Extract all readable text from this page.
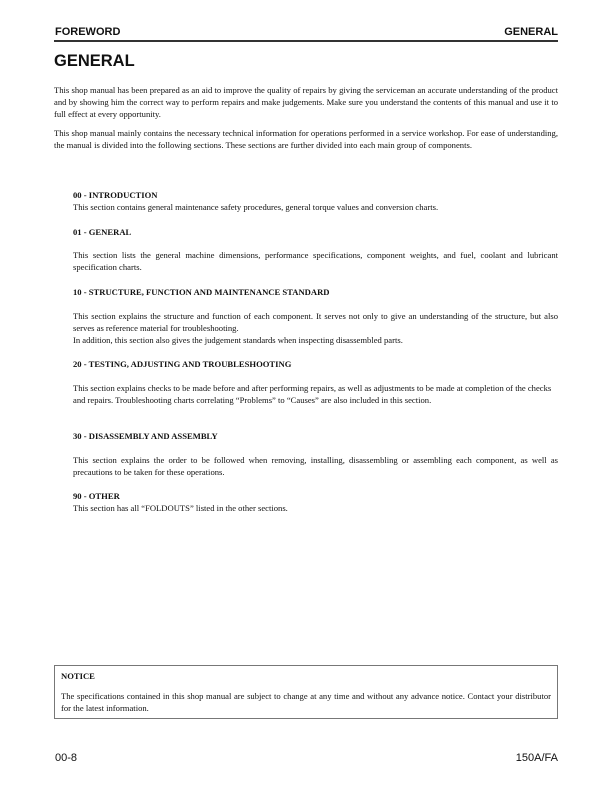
FOREWORD	GENERAL
GENERAL
This shop manual has been prepared as an aid to improve the quality of repairs by giving the serviceman an accurate understanding of the product and by showing him the correct way to perform repairs and make judgements. Make sure you understand the contents of this manual and use it to full effect at every opportunity.
This shop manual mainly contains the necessary technical information for operations performed in a service workshop. For ease of understanding, the manual is divided into the following sections. These sections are further divided into each main group of components.
00 - INTRODUCTION
This section contains general maintenance safety procedures, general torque values and conversion charts.
01 - GENERAL
This section lists the general machine dimensions, performance specifications, component weights, and fuel, coolant and lubricant specification charts.
10 - STRUCTURE, FUNCTION AND MAINTENANCE STANDARD
This section explains the structure and function of each component. It serves not only to give an understanding of the structure, but also serves as reference material for troubleshooting.
In addition, this section also gives the judgement standards when inspecting disassembled parts.
20 - TESTING, ADJUSTING AND TROUBLESHOOTING
This section explains checks to be made before and after performing repairs, as well as adjustments to be made at completion of the checks and repairs. Troubleshooting charts correlating “Problems” to “Causes” are also included in this section.
30 - DISASSEMBLY AND ASSEMBLY
This section explains the order to be followed when removing, installing, disassembling or assembling each component, as well as precautions to be taken for these operations.
90 - OTHER
This section has all “FOLDOUTS” listed in the other sections.
NOTICE
The specifications contained in this shop manual are subject to change at any time and without any advance notice. Contact your distributor for the latest information.
00-8	150A/FA
